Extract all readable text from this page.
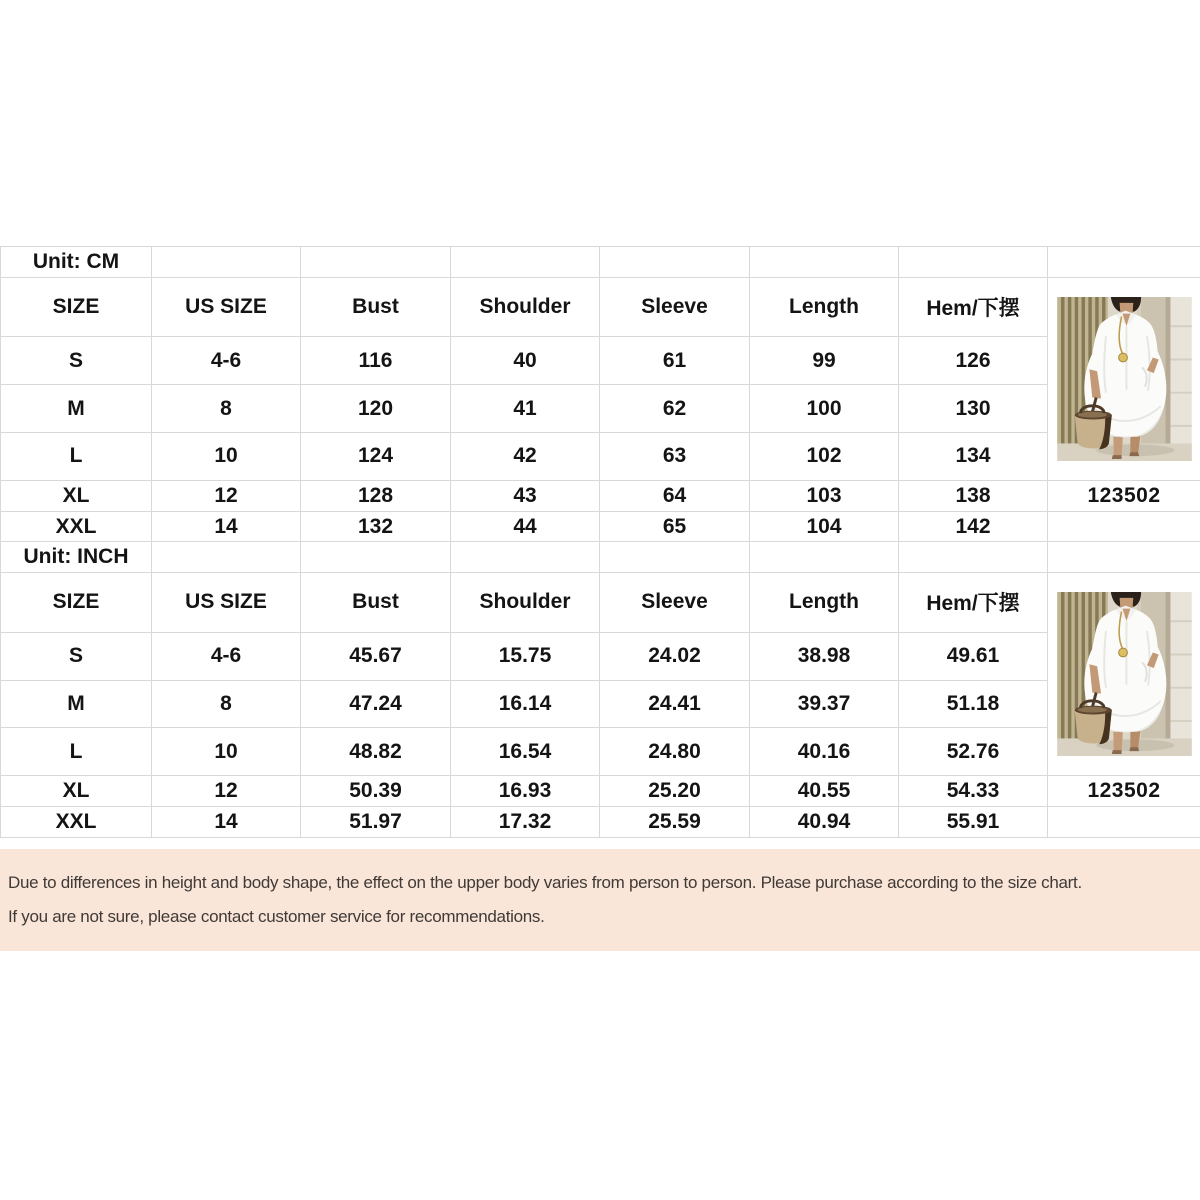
Unit: CM							
SIZE	US SIZE	Bust	Shoulder	Sleeve	Length	Hem/下摆	

S	4-6	116	40	61	99	126	
M	8	120	41	62	100	130	
L	10	124	42	63	102	134	
XL	12	128	43	64	103	138	123502
XXL	14	132	44	65	104	142	
Unit: INCH							
SIZE	US SIZE	Bust	Shoulder	Sleeve	Length	Hem/下摆	

S	4-6	45.67	15.75	24.02	38.98	49.61	
M	8	47.24	16.14	24.41	39.37	51.18	
L	10	48.82	16.54	24.80	40.16	52.76	
XL	12	50.39	16.93	25.20	40.55	54.33	123502
XXL	14	51.97	17.32	25.59	40.94	55.91	
Due to differences in height and body shape, the effect on the upper body varies from person to person. Please purchase according to the size chart.
If you are not sure, please contact customer service for recommendations.
